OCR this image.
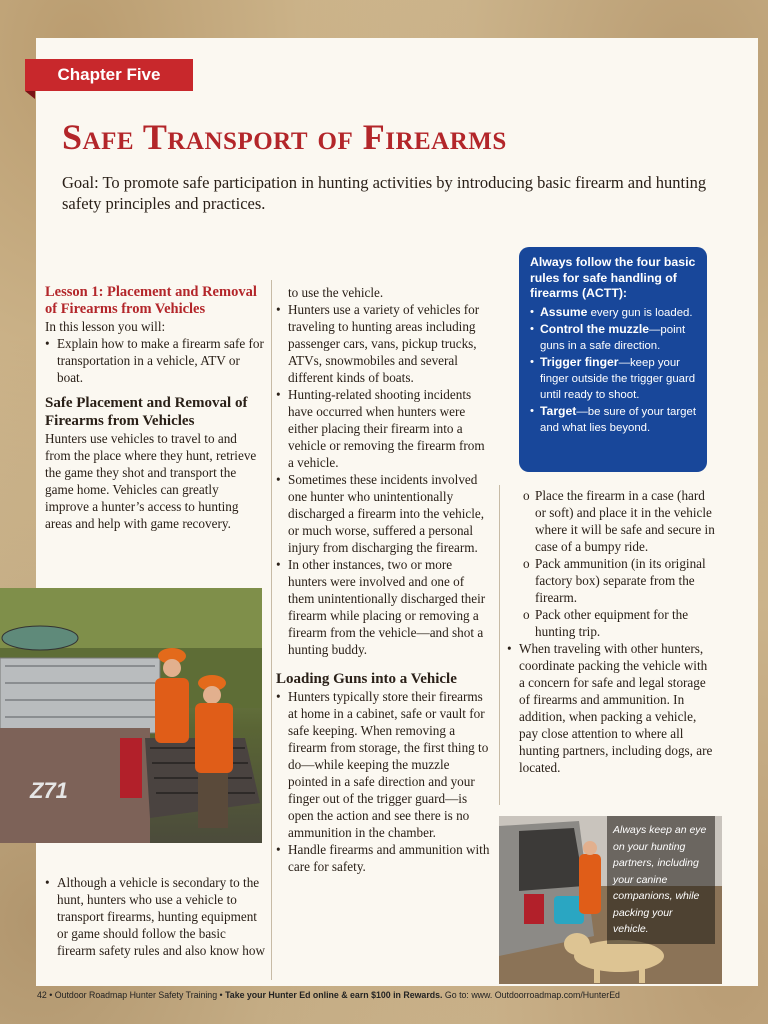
Chapter Five
Safe Transport of Firearms

Goal: To promote safe participation in hunting activities by introducing basic firearm and hunting safety principles and practices.

Lesson 1: Placement and Removal of Firearms from Vehicles

In this lesson you will:

• Explain how to make a firearm safe for transportation in a vehicle, ATV or boat.
Safe Placement and Removal of Firearms from Vehicles

Hunters use vehicles to travel to and from the place where they hunt, retrieve the game they shot and transport the game home. Vehicles can greatly improve a hunter’s access to hunting areas and help with game recovery.

Z71
• Although a vehicle is secondary to the hunt, hunters who use a vehicle to transport firearms, hunting equipment or game should follow the basic firearm safety rules and also know how

to use the vehicle.

• Hunters use a variety of vehicles for traveling to hunting areas including passenger cars, vans, pickup trucks, ATVs, snowmobiles and several different kinds of boats.
• Hunting-related shooting incidents have occurred when hunters were either placing their firearm into a vehicle or removing the firearm from a vehicle.
• Sometimes these incidents involved one hunter who unintentionally discharged a firearm into the vehicle, or much worse, suffered a personal injury from discharging the firearm.
• In other instances, two or more hunters were involved and one of them unintentionally discharged their firearm while placing or removing a firearm from the vehicle—and shot a hunting buddy.
Loading Guns into a Vehicle
• Hunters typically store their firearms at home in a cabinet, safe or vault for safe keeping. When removing a firearm from storage, the first thing to do—while keeping the muzzle pointed in a safe direction and your finger out of the trigger guard—is open the action and see there is no ammunition in the chamber.
• Handle firearms and ammunition with care for safety.
Always follow the four basic rules for safe handling of firearms (ACTT):
• Assume every gun is loaded.
• Control the muzzle—point guns in a safe direction.
• Trigger finger—keep your finger outside the trigger guard until ready to shoot.
• Target—be sure of your target and what lies beyond.
o Place the firearm in a case (hard or soft) and place it in the vehicle where it will be safe and secure in case of a bumpy ride.
o Pack ammunition (in its original factory box) separate from the firearm.
o Pack other equipment for the hunting trip.
• When traveling with other hunters, coordinate packing the vehicle with a concern for safe and legal storage of firearms and ammunition. In addition, when packing a vehicle, pay close attention to where all hunting partners, including dogs, are located.
Always keep an eye on your hunting partners, including your canine companions, while packing your vehicle.
42 • Outdoor Roadmap Hunter Safety Training • Take your Hunter Ed online & earn $100 in Rewards. Go to: www. Outdoorroadmap.com/HunterEd
